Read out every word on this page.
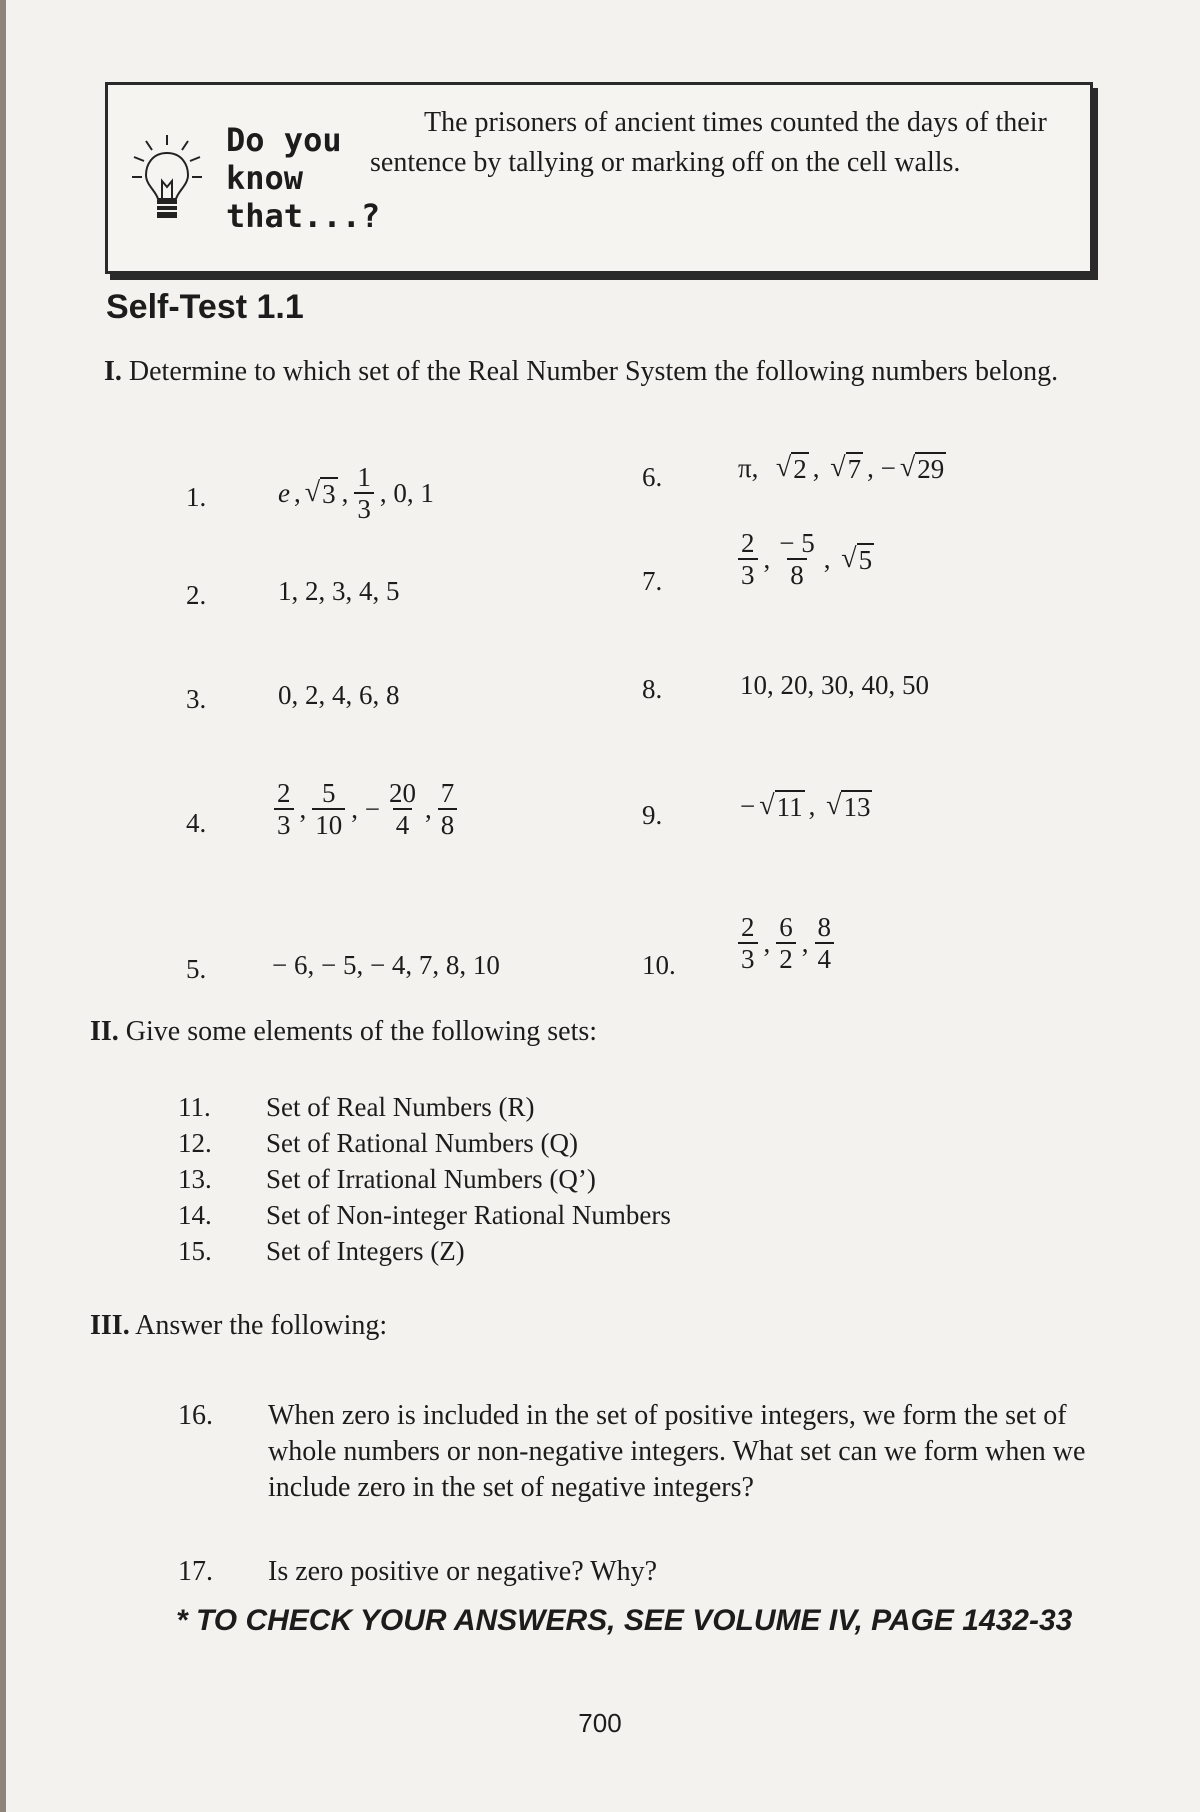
Do you
know
that...?
The prisoners of ancient times counted the days of their sentence by tallying or marking off on the cell walls.
Self-Test 1.1
I. Determine to which set of the Real Number System the following numbers belong.
1.	e , √ 3 , $\frac{1}{3}$ , 0, 1
2.	1, 2, 3, 4, 5
3.	0, 2, 4, 6, 8
4.	$\frac{2}{3}$ , $\frac{5}{10}$ , − $\frac{20}{4}$ , $\frac{7}{8}$
5.	− 6, − 5, − 4, 7, 8, 10
6.	π, √ 2 , √ 7 , − √ 29
7.	$\frac{2}{3}$ , $\frac{- 5}{8}$ , √ 5
8.	10, 20, 30, 40, 50
9.	− √ 11 , √ 13
10.	$\frac{2}{3}$ , $\frac{6}{2}$ , $\frac{8}{4}$
II. Give some elements of the following sets:
11.	Set of Real Numbers (R)
12.	Set of Rational Numbers (Q)
13.	Set of Irrational Numbers (Q’)
14.	Set of Non-integer Rational Numbers
15.	Set of Integers (Z)
III. Answer the following:
16. When zero is included in the set of positive integers, we form the set of whole numbers or non-negative integers. What set can we form when we include zero in the set of negative integers?
17. Is zero positive or negative? Why?
* TO CHECK YOUR ANSWERS, SEE VOLUME IV, PAGE 1432-33
700
